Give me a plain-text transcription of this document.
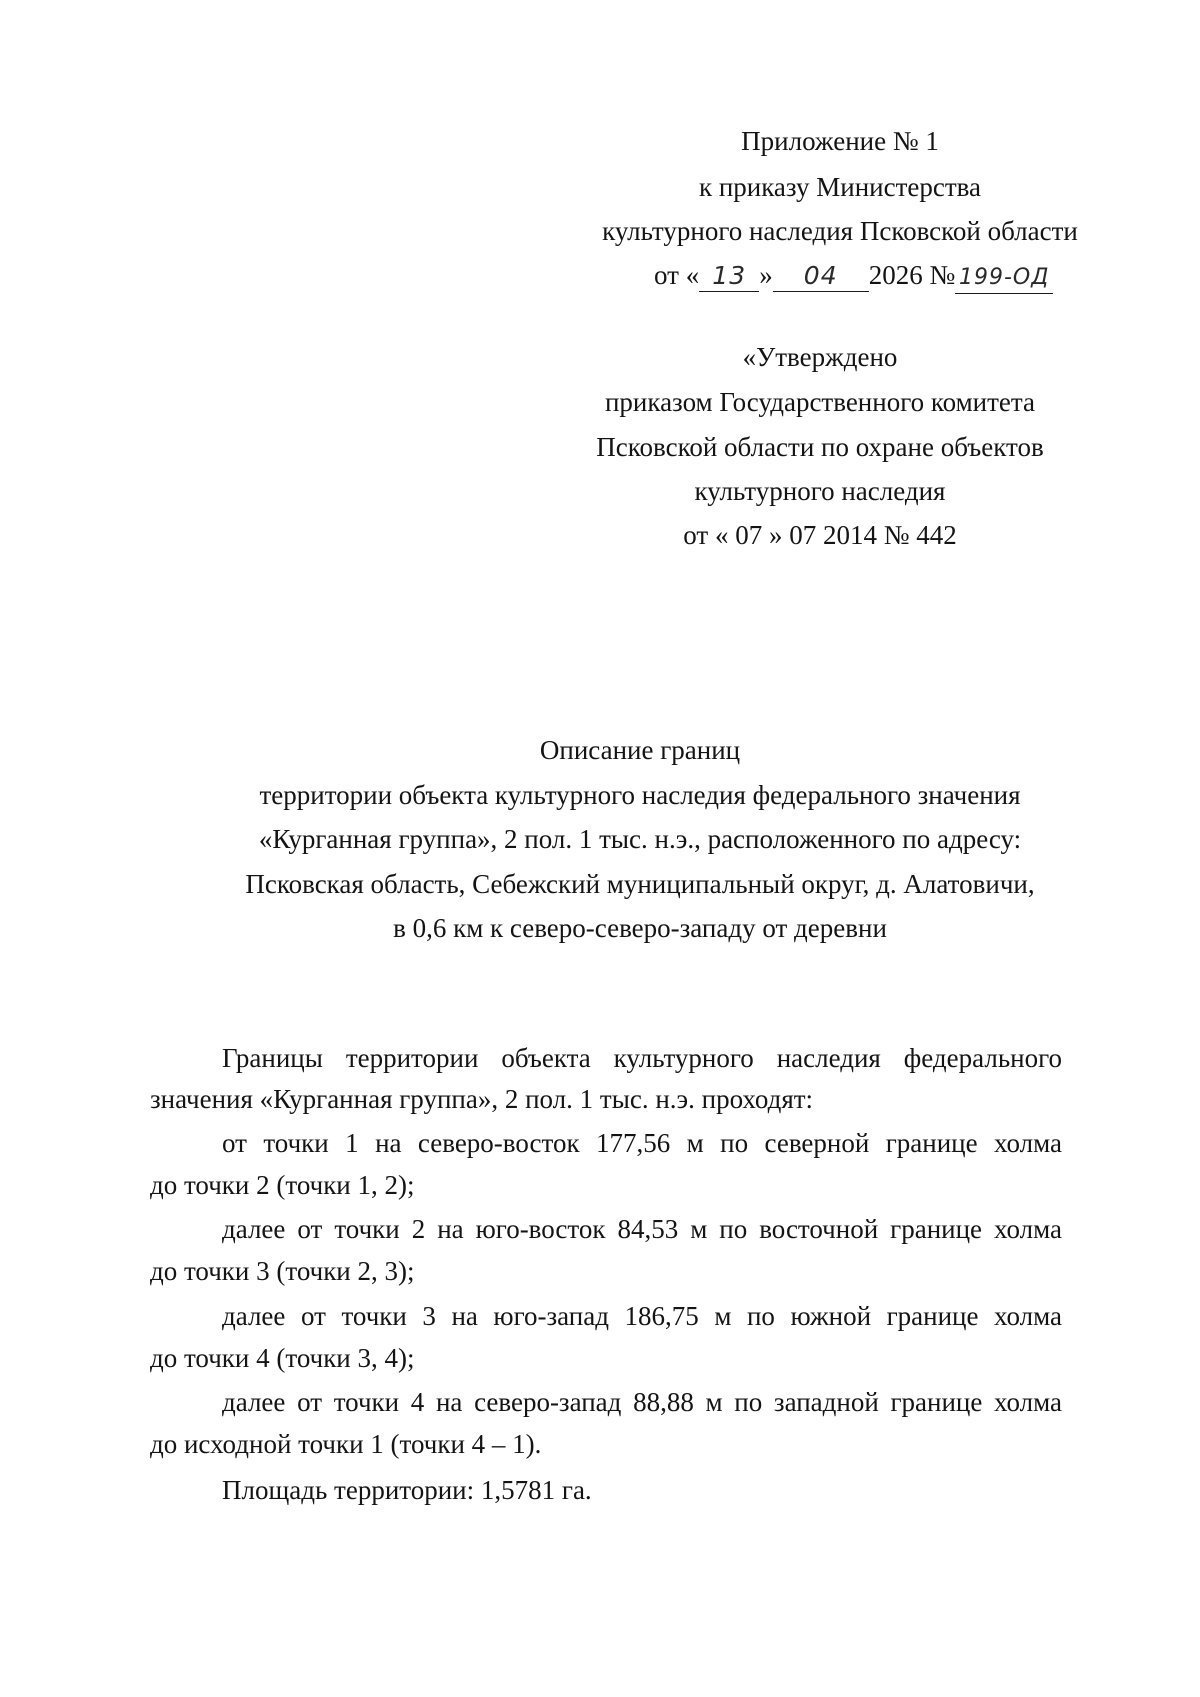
Приложение № 1
к приказу Министерства
культурного наследия Псковской области
от « 13 » 04 2026 № 199-ОД
«Утверждено
приказом Государственного комитета
Псковской области по охране объектов
культурного наследия
от « 07 » 07 2014 № 442
Описание границ
территории объекта культурного наследия федерального значения
«Курганная группа», 2 пол. 1 тыс. н.э., расположенного по адресу:
Псковская область, Себежский муниципальный округ, д. Алатовичи,
в 0,6 км к северо-северо-западу от деревни
Границы территории объекта культурного наследия федерального
значения «Курганная группа», 2 пол. 1 тыс. н.э. проходят:
от точки 1 на северо-восток 177,56 м по северной границе холма
до точки 2 (точки 1, 2);
далее от точки 2 на юго-восток 84,53 м по восточной границе холма
до точки 3 (точки 2, 3);
далее от точки 3 на юго-запад 186,75 м по южной границе холма
до точки 4 (точки 3, 4);
далее от точки 4 на северо-запад 88,88 м по западной границе холма
до исходной точки 1 (точки 4 – 1).
Площадь территории: 1,5781 га.
